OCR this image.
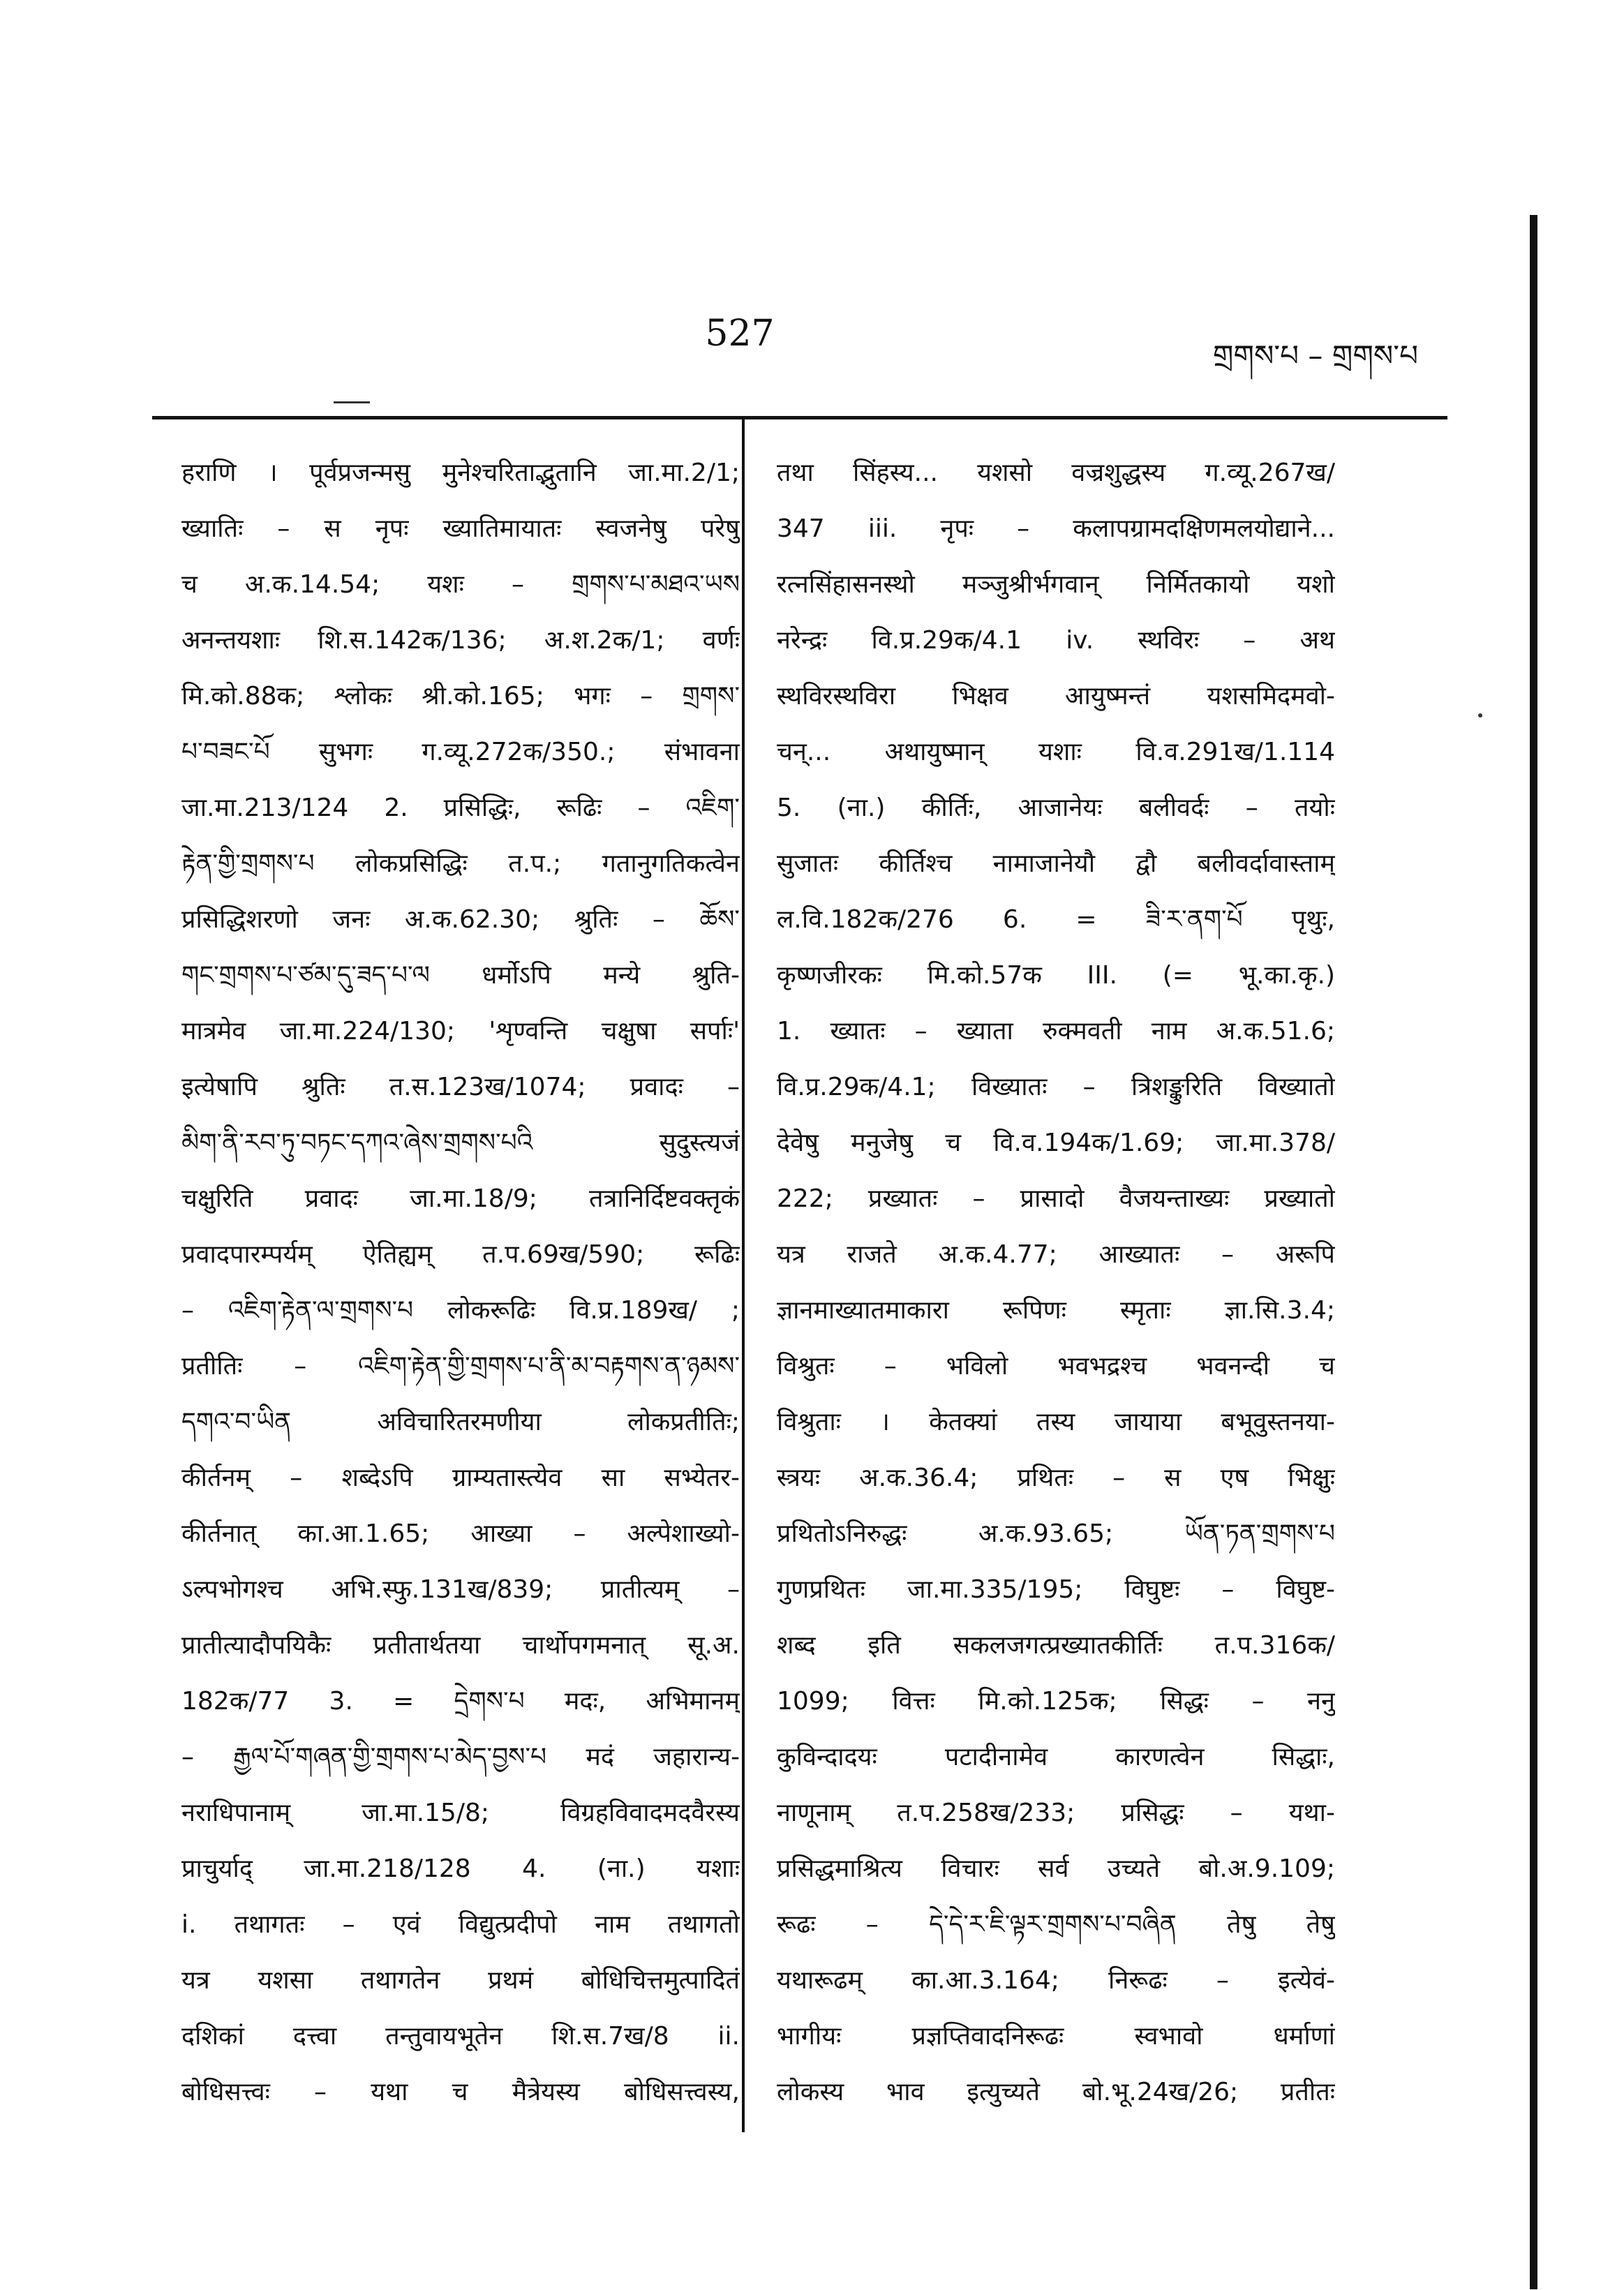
527
གྲགས་པ – གྲགས་པ
हराणि । पूर्वप्रजन्मसु मुनेश्चरिताद्भुतानि जा.मा.2/1;
ख्यातिः – स नृपः ख्यातिमायातः स्वजनेषु परेषु
च अ.क.14.54; यशः – གྲགས་པ་མཐའ་ཡས
अनन्तयशाः शि.स.142क/136; अ.श.2क/1; वर्णः
मि.को.88क; श्लोकः श्री.को.165; भगः – གྲགས་
པ་བཟང་པོ सुभगः ग.व्यू.272क/350.; संभावना
जा.मा.213/124 2. प्रसिद्धिः, रूढिः – འཇིག་
རྟེན་གྱི་གྲགས་པ लोकप्रसिद्धिः त.प.; गतानुगतिकत्वेन
प्रसिद्धिशरणो जनः अ.क.62.30; श्रुतिः – ཆོས་
གང་གྲགས་པ་ཙམ་དུ་ཟད་པ་ལ धर्मोऽपि मन्ये श्रुति-
मात्रमेव जा.मा.224/130; 'शृण्वन्ति चक्षुषा सर्पाः'
इत्येषापि श्रुतिः त.स.123ख/1074; प्रवादः –
མིག་ནི་རབ་ཏུ་བཏང་དཀའ་ཞེས་གྲགས་པའི सुदुस्त्यजं
चक्षुरिति प्रवादः जा.मा.18/9; तत्रानिर्दिष्टवक्तृकं
प्रवादपारम्पर्यम् ऐतिह्यम् त.प.69ख/590; रूढिः
– འཇིག་རྟེན་ལ་གྲགས་པ लोकरूढिः वि.प्र.189ख/ ;
प्रतीतिः – འཇིག་རྟེན་གྱི་གྲགས་པ་ནི་མ་བརྟགས་ན་ཉམས་
དགའ་བ་ཡིན अविचारितरमणीया लोकप्रतीतिः;
कीर्तनम् – शब्देऽपि ग्राम्यतास्त्येव सा सभ्येतर-
कीर्तनात् का.आ.1.65; आख्या – अल्पेशाख्यो-
ऽल्पभोगश्च अभि.स्फु.131ख/839; प्रातीत्यम् –
प्रातीत्यादौपयिकैः प्रतीतार्थतया चार्थोपगमनात् सू.अ.
182क/77 3. = དྲེགས་པ मदः, अभिमानम्
– རྒྱལ་པོ་གཞན་གྱི་གྲགས་པ་མེད་བྱས་པ मदं जहारान्य-
नराधिपानाम् जा.मा.15/8; विग्रहविवादमदवैरस्य
प्राचुर्याद् जा.मा.218/128 4. (ना.) यशाः
i. तथागतः – एवं विद्युत्प्रदीपो नाम तथागतो
यत्र यशसा तथागतेन प्रथमं बोधिचित्तमुत्पादितं
दशिकां दत्त्वा तन्तुवायभूतेन शि.स.7ख/8 ii.
बोधिसत्त्वः – यथा च मैत्रेयस्य बोधिसत्त्वस्य,
तथा सिंहस्य... यशसो वज्रशुद्धस्य ग.व्यू.267ख/
347 iii. नृपः – कलापग्रामदक्षिणमलयोद्याने...
रत्नसिंहासनस्थो मञ्जुश्रीर्भगवान् निर्मितकायो यशो
नरेन्द्रः वि.प्र.29क/4.1 iv. स्थविरः – अथ
स्थविरस्थविरा भिक्षव आयुष्मन्तं यशसमिदमवो-
चन्... अथायुष्मान् यशाः वि.व.291ख/1.114
5. (ना.) कीर्तिः, आजानेयः बलीवर्दः – तयोः
सुजातः कीर्तिश्च नामाजानेयौ द्वौ बलीवर्दावास्ताम्
ल.वि.182क/276 6. = ཟི་ར་ནག་པོ पृथुः,
कृष्णजीरकः मि.को.57क III. (= भू.का.कृ.)
1. ख्यातः – ख्याता रुक्मवती नाम अ.क.51.6;
वि.प्र.29क/4.1; विख्यातः – त्रिशङ्कुरिति विख्यातो
देवेषु मनुजेषु च वि.व.194क/1.69; जा.मा.378/
222; प्रख्यातः – प्रासादो वैजयन्ताख्यः प्रख्यातो
यत्र राजते अ.क.4.77; आख्यातः – अरूपि
ज्ञानमाख्यातमाकारा रूपिणः स्मृताः ज्ञा.सि.3.4;
विश्रुतः – भविलो भवभद्रश्च भवनन्दी च
विश्रुताः । केतक्यां तस्य जायाया बभूवुस्तनया-
स्त्रयः अ.क.36.4; प्रथितः – स एष भिक्षुः
प्रथितोऽनिरुद्धः अ.क.93.65; ཡོན་ཏན་གྲགས་པ
गुणप्रथितः जा.मा.335/195; विघुष्टः – विघुष्ट-
शब्द इति सकलजगत्प्रख्यातकीर्तिः त.प.316क/
1099; वित्तः मि.को.125क; सिद्धः – ननु
कुविन्दादयः पटादीनामेव कारणत्वेन सिद्धाः,
नाणूनाम् त.प.258ख/233; प्रसिद्धः – यथा-
प्रसिद्धमाश्रित्य विचारः सर्व उच्यते बो.अ.9.109;
रूढः – དེ་དེ་ར་ཇི་ལྟར་གྲགས་པ་བཞིན तेषु तेषु
यथारूढम् का.आ.3.164; निरूढः – इत्येवं-
भागीयः प्रज्ञप्तिवादनिरूढः स्वभावो धर्माणां
लोकस्य भाव इत्युच्यते बो.भू.24ख/26; प्रतीतः
